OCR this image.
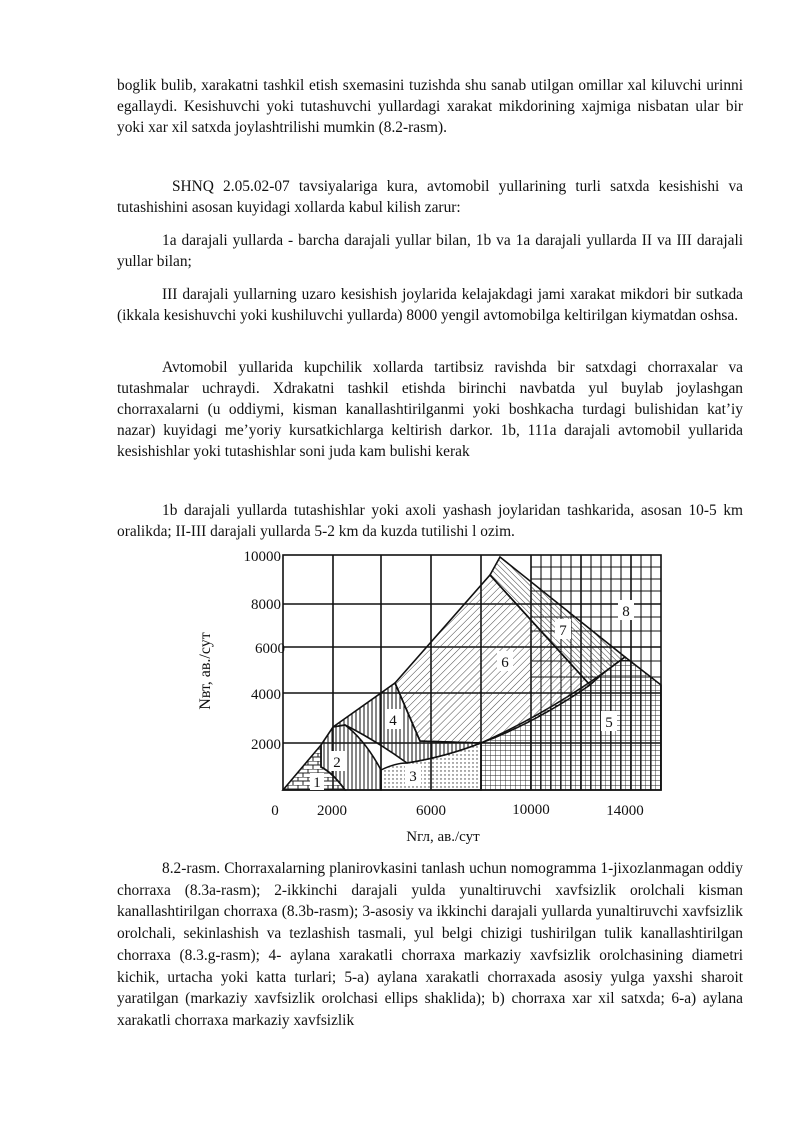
boglik bulib, xarakatni tashkil etish sxemasini tuzishda shu sanab utilgan omillar xal kiluvchi urinni egallaydi. Kesishuvchi yoki tutashuvchi yullardagi xarakat mikdorining xajmiga nisbatan ular bir yoki xar xil satxda joylashtrilishi mumkin (8.2-rasm).

SHNQ 2.05.02-07 tavsiyalariga kura, avtomobil yullarining turli satxda kesishishi va tutashishini asosan kuyidagi xollarda kabul kilish zarur:

1a darajali yullarda - barcha darajali yullar bilan, 1b va 1a darajali yullarda II va III darajali yullar bilan;

III darajali yullarning uzaro kesishish joylarida kelajakdagi jami xarakat mikdori bir sutkada (ikkala kesishuvchi yoki kushiluvchi yullarda) 8000 yengil avtomobilga keltirilgan kiymatdan oshsa.

Avtomobil yullarida kupchilik xollarda tartibsiz ravishda bir satxdagi chorraxalar va tutashmalar uchraydi. Xdrakatni tashkil etishda birinchi navbatda yul buylab joylashgan chorraxalarni (u oddiymi, kisman kanallashtirilganmi yoki boshkacha turdagi bulishidan kat’iy nazar) kuyidagi me’yoriy kursatkichlarga keltirish darkor. 1b, 111a darajali avtomobil yullarida kesishishlar yoki tutashishlar soni juda kam bulishi kerak

1b darajali yullarda tutashishlar yoki axoli yashash joylaridan tashkarida, asosan 10-5 km oralikda; II-III darajali yullarda 5-2 km da kuzda tutilishi l ozim.

1
2
3
4	5
6
7
8
10000
8000
6000
4000
2000
0	2000	6000	10000	14000
Nвт, ав./сут
Nгл, ав./сут

8.2-rasm. Chorraxalarning planirovkasini tanlash uchun nomogramma 1-jixozlanmagan oddiy chorraxa (8.3a-rasm); 2-ikkinchi darajali yulda yunaltiruvchi xavfsizlik orolchali kisman kanallashtirilgan chorraxa (8.3b-rasm); 3-asosiy va ikkinchi darajali yullarda yunaltiruvchi xavfsizlik orolchali, sekinlashish va tezlashish tasmali, yul belgi chizigi tushirilgan tulik kanallashtirilgan chorraxa (8.3.g-rasm); 4- aylana xarakatli chorraxa markaziy xavfsizlik orolchasining diametri kichik, urtacha yoki katta turlari; 5-a) aylana xarakatli chorraxada asosiy yulga yaxshi sharoit yaratilgan (markaziy xavfsizlik orolchasi ellips shaklida); b) chorraxa xar xil satxda; 6-a) aylana xarakatli chorraxa markaziy xavfsizlik
